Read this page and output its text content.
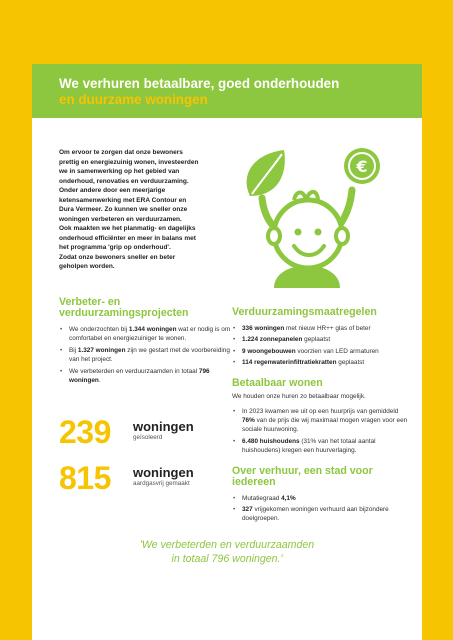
We verhuren betaalbare, goed onderhouden
en duurzame woningen
Om ervoor te zorgen dat onze bewoners
prettig en energiezuinig wonen, investeerden
we in samenwerking op het gebied van
onderhoud, renovaties en verduurzaming.
Onder andere door een meerjarige
ketensamenwerking met ERA Contour en
Dura Vermeer. Zo kunnen we sneller onze
woningen verbeteren en verduurzamen.
Ook maakten we het planmatig- en dagelijks
onderhoud efficiënter en meer in balans met
het programma 'grip op onderhoud'.
Zodat onze bewoners sneller en beter
geholpen worden.
€
Verbeter- en
verduurzamingsprojecten
• We onderzochten bij 1.344 woningen wat er nodig is om comfortabel en energiezuiniger te wonen.
• Bij 1.327 woningen zijn we gestart met de voorbereiding van het project.
• We verbeterden en verduurzaamden in totaal 796 woningen.
239	woningen
geïsoleerd
815	woningen
aardgasvrij gemaakt
Verduurzamingsmaatregelen
• 336 woningen met nieuw HR++ glas of beter
• 1.224 zonnepanelen geplaatst
• 9 woongebouwen voorzien van LED armaturen
• 114 regenwaterinfiltratiekratten geplaatst
Betaalbaar wonen
We houden onze huren zo betaalbaar mogelijk.
• In 2023 kwamen we uit op een huurprijs van gemiddeld 76% van de prijs die wij maximaal mogen vragen voor een sociale huurwoning.
• 6.480 huishoudens (31% van het totaal aantal huishoudens) kregen een huurverlaging.
Over verhuur, een stad voor iedereen
• Mutatiegraad 4,1%
• 327 vrijgekomen woningen verhuurd aan bijzondere doelgroepen.
'We verbeterden en verduurzaamden
in totaal 796 woningen.'
